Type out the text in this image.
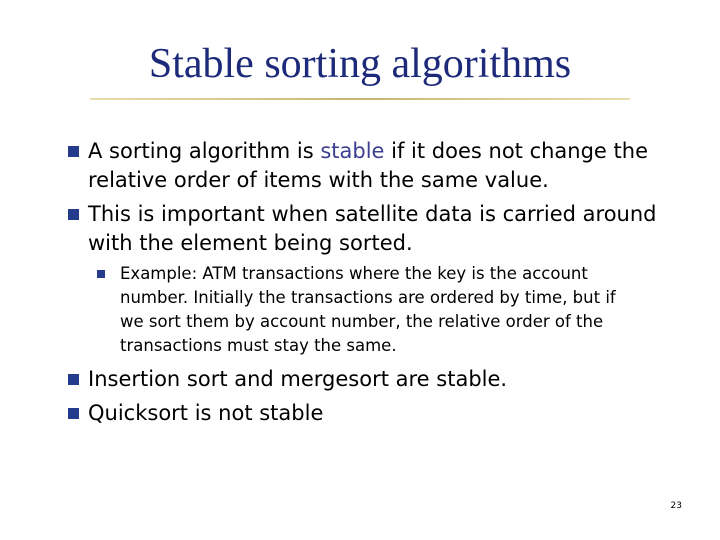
Stable sorting algorithms
A sorting algorithm is stable if it does not change the
relative order of items with the same value.
This is important when satellite data is carried around
with the element being sorted.
Example: ATM transactions where the key is the account
number. Initially the transactions are ordered by time, but if
we sort them by account number, the relative order of the
transactions must stay the same.
Insertion sort and mergesort are stable.
Quicksort is not stable
23
